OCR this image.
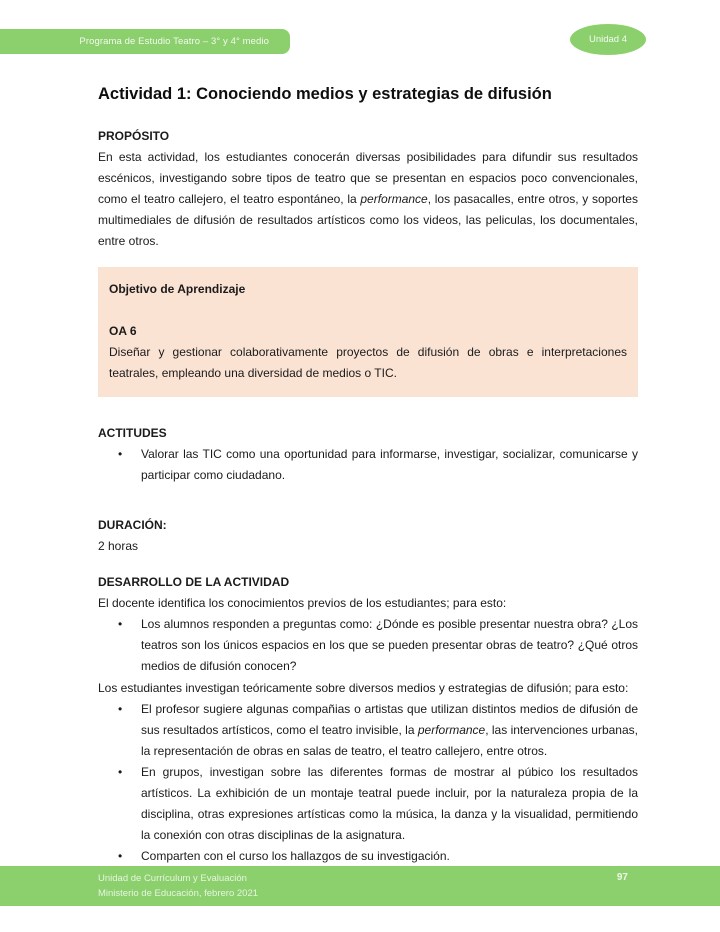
Programa de Estudio Teatro – 3° y 4° medio	Unidad 4
Actividad 1: Conociendo medios y estrategias de difusión
PROPÓSITO

En esta actividad, los estudiantes conocerán diversas posibilidades para difundir sus resultados escénicos, investigando sobre tipos de teatro que se presentan en espacios poco convencionales, como el teatro callejero, el teatro espontáneo, la performance, los pasacalles, entre otros, y soportes multimediales de difusión de resultados artísticos como los videos, las peliculas, los documentales, entre otros.

Objetivo de Aprendizaje
OA 6

Diseñar y gestionar colaborativamente proyectos de difusión de obras e interpretaciones teatrales, empleando una diversidad de medios o TIC.

ACTITUDES
•	Valorar las TIC como una oportunidad para informarse, investigar, socializar, comunicarse y participar como ciudadano.
DURACIÓN:
2 horas
DESARROLLO DE LA ACTIVIDAD

El docente identifica los conocimientos previos de los estudiantes; para esto:

•	Los alumnos responden a preguntas como: ¿Dónde es posible presentar nuestra obra? ¿Los teatros son los únicos espacios en los que se pueden presentar obras de teatro? ¿Qué otros medios de difusión conocen?

Los estudiantes investigan teóricamente sobre diversos medios y estrategias de difusión; para esto:

•	El profesor sugiere algunas compañias o artistas que utilizan distintos medios de difusión de sus resultados artísticos, como el teatro invisible, la performance, las intervenciones urbanas, la representación de obras en salas de teatro, el teatro callejero, entre otros.
•	En grupos, investigan sobre las diferentes formas de mostrar al púbico los resultados artísticos. La exhibición de un montaje teatral puede incluir, por la naturaleza propia de la disciplina, otras expresiones artísticas como la música, la danza y la visualidad, permitiendo la conexión con otras disciplinas de la asignatura.
•	Comparten con el curso los hallazgos de su investigación.
Unidad de Currículum y Evaluación
Ministerio de Educación, febrero 2021
97
